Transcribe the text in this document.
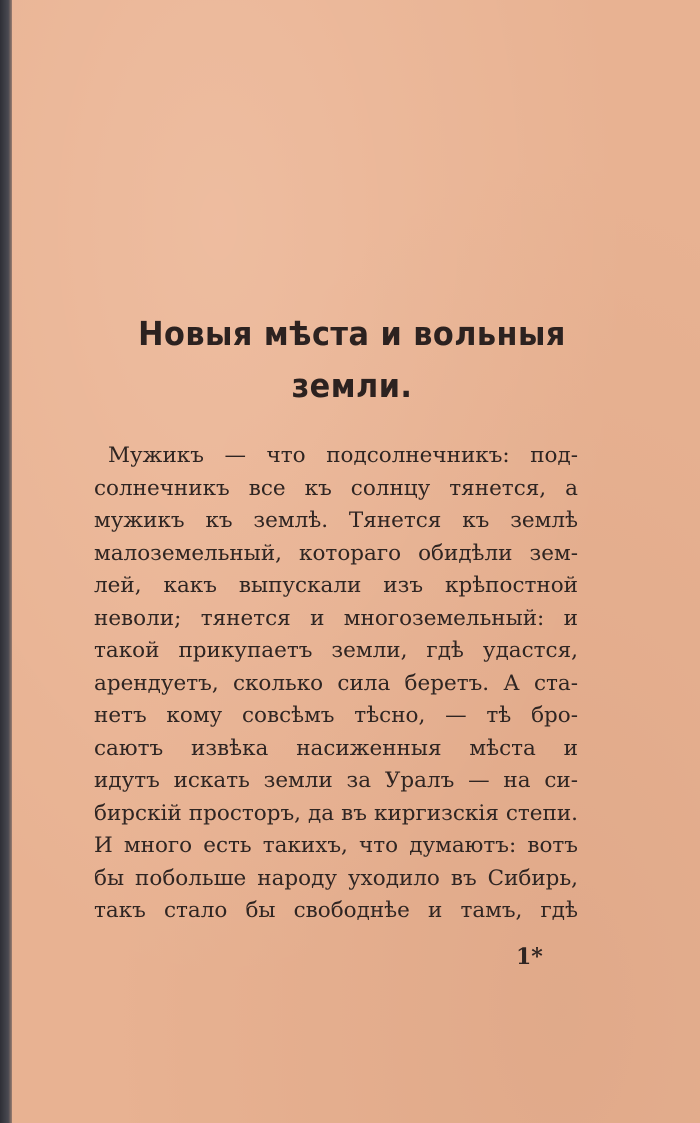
Новыя мѣста и вольныя
земли.
Мужикъ — что подсолнечникъ: под-
солнечникъ все къ солнцу тянется, а
мужикъ къ землѣ. Тянется къ землѣ
малоземельный, котораго обидѣли зем-
лей, какъ выпускали изъ крѣпостной
неволи; тянется и многоземельный: и
такой прикупаетъ земли, гдѣ удастся,
арендуетъ, сколько сила беретъ. А ста-
нетъ кому совсѣмъ тѣсно, — тѣ бро-
саютъ извѣка насиженныя мѣста и
идутъ искать земли за Уралъ — на си-
бирскій просторъ, да въ киргизскія степи.
И много есть такихъ, что думаютъ: вотъ
бы побольше народу уходило въ Сибирь,
такъ стало бы свободнѣе и тамъ, гдѣ
1*
